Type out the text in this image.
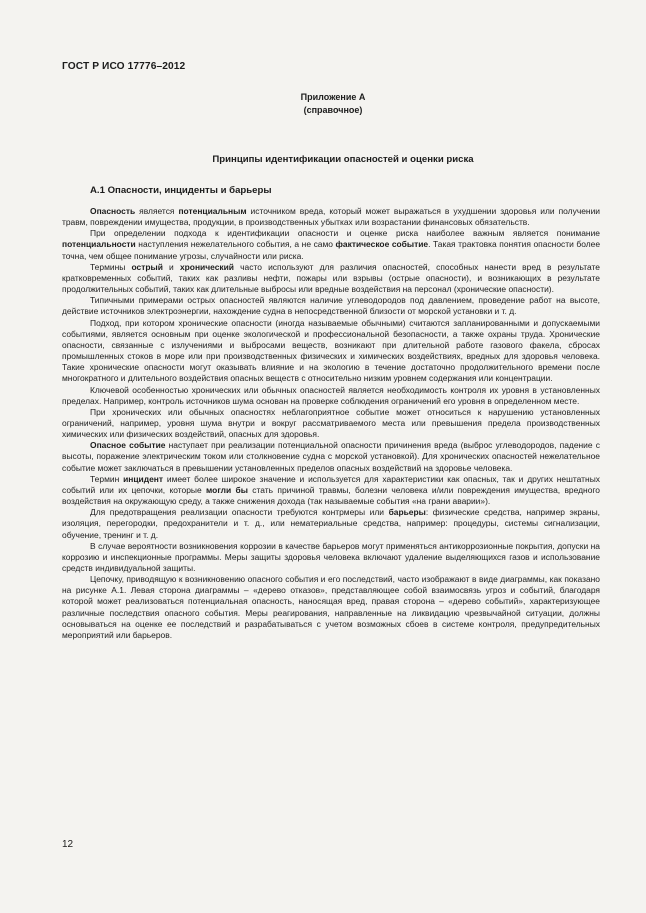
ГОСТ Р ИСО 17776–2012
Приложение А
(справочное)
Принципы идентификации опасностей и оценки риска
А.1 Опасности, инциденты и барьеры

Опасность является потенциальным источником вреда, который может выражаться в ухудшении здоровья или получении травм, повреждении имущества, продукции, в производственных убытках или возрастании финансовых обязательств.

При определении подхода к идентификации опасности и оценке риска наиболее важным является понимание потенциальности наступления нежелательного события, а не само фактическое событие. Такая трактовка понятия опасности более точна, чем общее понимание угрозы, случайности или риска.

Термины острый и хронический часто используют для различия опасностей, способных нанести вред в результате кратковременных событий, таких как разливы нефти, пожары или взрывы (острые опасности), и возникающих в результате продолжительных событий, таких как длительные выбросы или вредные воздействия на персонал (хронические опасности).

Типичными примерами острых опасностей являются наличие углеводородов под давлением, проведение работ на высоте, действие источников электроэнергии, нахождение судна в непосредственной близости от морской установки и т. д.

Подход, при котором хронические опасности (иногда называемые обычными) считаются запланированными и допускаемыми событиями, является основным при оценке экологической и профессиональной безопасности, а также охраны труда. Хронические опасности, связанные с излучениями и выбросами веществ, возникают при длительной работе газового факела, сбросах промышленных стоков в море или при производственных физических и химических воздействиях, вредных для здоровья человека. Такие хронические опасности могут оказывать влияние и на экологию в течение достаточно продолжительного времени после многократного и длительного воздействия опасных веществ с относительно низким уровнем содержания или концентрации.

Ключевой особенностью хронических или обычных опасностей является необходимость контроля их уровня в установленных пределах. Например, контроль источников шума основан на проверке соблюдения ограничений его уровня в определенном месте.

При хронических или обычных опасностях неблагоприятное событие может относиться к нарушению установленных ограничений, например, уровня шума внутри и вокруг рассматриваемого места или превышения предела производственных химических или физических воздействий, опасных для здоровья.

Опасное событие наступает при реализации потенциальной опасности причинения вреда (выброс углеводородов, падение с высоты, поражение электрическим током или столкновение судна с морской установкой). Для хронических опасностей нежелательное событие может заключаться в превышении установленных пределов опасных воздействий на здоровье человека.

Термин инцидент имеет более широкое значение и используется для характеристики как опасных, так и других нештатных событий или их цепочки, которые могли бы стать причиной травмы, болезни человека и/или повреждения имущества, вредного воздействия на окружающую среду, а также снижения дохода (так называемые события «на грани аварии»).

Для предотвращения реализации опасности требуются контрмеры или барьеры: физические средства, например экраны, изоляция, перегородки, предохранители и т. д., или нематериальные средства, например: процедуры, системы сигнализации, обучение, тренинг и т. д.

В случае вероятности возникновения коррозии в качестве барьеров могут применяться антикоррозионные покрытия, допуски на коррозию и инспекционные программы. Меры защиты здоровья человека включают удаление выделяющихся газов и использование средств индивидуальной защиты.

Цепочку, приводящую к возникновению опасного события и его последствий, часто изображают в виде диаграммы, как показано на рисунке А.1. Левая сторона диаграммы – «дерево отказов», представляющее собой взаимосвязь угроз и событий, благодаря которой может реализоваться потенциальная опасность, наносящая вред, правая сторона – «дерево событий», характеризующее различные последствия опасного события. Меры реагирования, направленные на ликвидацию чрезвычайной ситуации, должны основываться на оценке ее последствий и разрабатываться с учетом возможных сбоев в системе контроля, предупредительных мероприятий или барьеров.

12
